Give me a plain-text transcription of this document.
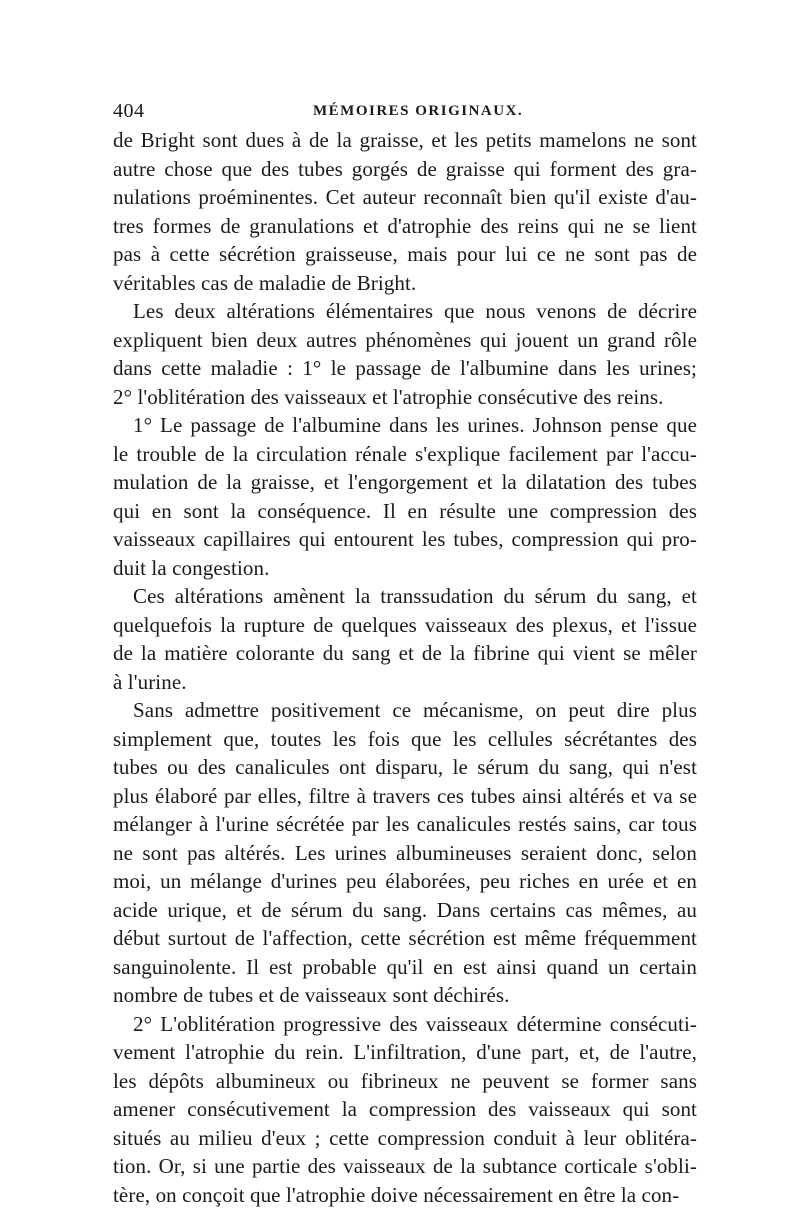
404	MÉMOIRES ORIGINAUX.
de Bright sont dues à de la graisse, et les petits mamelons ne sont
autre chose que des tubes gorgés de graisse qui forment des gra-
nulations proéminentes. Cet auteur reconnaît bien qu'il existe d'au-
tres formes de granulations et d'atrophie des reins qui ne se lient
pas à cette sécrétion graisseuse, mais pour lui ce ne sont pas de
véritables cas de maladie de Bright.
Les deux altérations élémentaires que nous venons de décrire
expliquent bien deux autres phénomènes qui jouent un grand rôle
dans cette maladie : 1° le passage de l'albumine dans les urines;
2° l'oblitération des vaisseaux et l'atrophie consécutive des reins.
1° Le passage de l'albumine dans les urines. Johnson pense que
le trouble de la circulation rénale s'explique facilement par l'accu-
mulation de la graisse, et l'engorgement et la dilatation des tubes
qui en sont la conséquence. Il en résulte une compression des
vaisseaux capillaires qui entourent les tubes, compression qui pro-
duit la congestion.
Ces altérations amènent la transsudation du sérum du sang, et
quelquefois la rupture de quelques vaisseaux des plexus, et l'issue
de la matière colorante du sang et de la fibrine qui vient se mêler
à l'urine.
Sans admettre positivement ce mécanisme, on peut dire plus
simplement que, toutes les fois que les cellules sécrétantes des
tubes ou des canalicules ont disparu, le sérum du sang, qui n'est
plus élaboré par elles, filtre à travers ces tubes ainsi altérés et va se
mélanger à l'urine sécrétée par les canalicules restés sains, car tous
ne sont pas altérés. Les urines albumineuses seraient donc, selon
moi, un mélange d'urines peu élaborées, peu riches en urée et en
acide urique, et de sérum du sang. Dans certains cas mêmes, au
début surtout de l'affection, cette sécrétion est même fréquemment
sanguinolente. Il est probable qu'il en est ainsi quand un certain
nombre de tubes et de vaisseaux sont déchirés.
2° L'oblitération progressive des vaisseaux détermine consécuti-
vement l'atrophie du rein. L'infiltration, d'une part, et, de l'autre,
les dépôts albumineux ou fibrineux ne peuvent se former sans
amener consécutivement la compression des vaisseaux qui sont
situés au milieu d'eux ; cette compression conduit à leur oblitéra-
tion. Or, si une partie des vaisseaux de la subtance corticale s'obli-
tère, on conçoit que l'atrophie doive nécessairement en être la con-
